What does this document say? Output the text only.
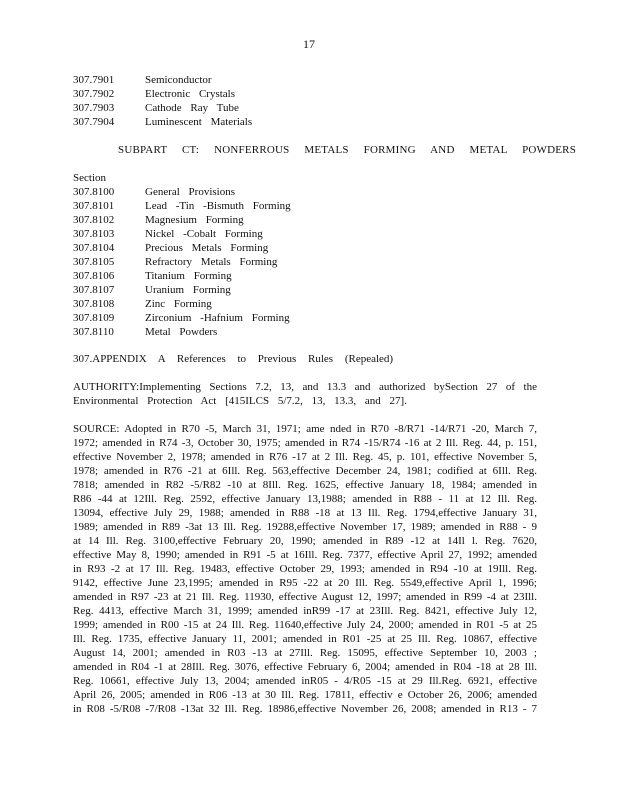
17
307.7901	Semiconductor
307.7902	Electronic Crystals
307.7903	Cathode Ray Tube
307.7904	Luminescent Materials
SUBPART CT: NONFERROUS METALS FORMING AND METAL POWDERS
Section
307.8100	General Provisions
307.8101	Lead -Tin -Bismuth Forming
307.8102	Magnesium Forming
307.8103	Nickel -Cobalt Forming
307.8104	Precious Metals Forming
307.8105	Refractory Metals Forming
307.8106	Titanium Forming
307.8107	Uranium Forming
307.8108	Zinc Forming
307.8109	Zirconium -Hafnium Forming
307.8110	Metal Powders
307.APPENDIX A References to Previous Rules (Repealed)
AUTHORITY:Implementing Sections 7.2, 13, and 13.3 and authorized bySection 27 of the
Environmental Protection Act [415ILCS 5/7.2, 13, 13.3, and 27].
SOURCE: Adopted in R70 -5, March 31, 1971; ame nded in R70 -8/R71 -14/R71 -20, March 7,
1972; amended in R74 -3, October 30, 1975; amended in R74 -15/R74 -16 at 2 Ill. Reg. 44, p. 151,
effective November 2, 1978; amended in R76 -17 at 2 Ill. Reg. 45, p. 101, effective November 5,
1978; amended in R76 -21 at 6Ill. Reg. 563,effective December 24, 1981; codified at 6Ill. Reg.
7818; amended in R82 -5/R82 -10 at 8Ill. Reg. 1625, effective January 18, 1984; amended in
R86 -44 at 12Ill. Reg. 2592, effective January 13,1988; amended in R88 - 11 at 12 Ill. Reg.
13094, effective July 29, 1988; amended in R88 -18 at 13 Ill. Reg. 1794,effective January 31,
1989; amended in R89 -3at 13 Ill. Reg. 19288,effective November 17, 1989; amended in R88 - 9
at 14 Ill. Reg. 3100,effective February 20, 1990; amended in R89 -12 at 14Il l. Reg. 7620,
effective May 8, 1990; amended in R91 -5 at 16Ill. Reg. 7377, effective April 27, 1992; amended
in R93 -2 at 17 Ill. Reg. 19483, effective October 29, 1993; amended in R94 -10 at 19Ill. Reg.
9142, effective June 23,1995; amended in R95 -22 at 20 Ill. Reg. 5549,effective April 1, 1996;
amended in R97 -23 at 21 Ill. Reg. 11930, effective August 12, 1997; amended in R99 -4 at 23Ill.
Reg. 4413, effective March 31, 1999; amended inR99 -17 at 23Ill. Reg. 8421, effective July 12,
1999; amended in R00 -15 at 24 Ill. Reg. 11640,effective July 24, 2000; amended in R01 -5 at 25
Ill. Reg. 1735, effective January 11, 2001; amended in R01 -25 at 25 Ill. Reg. 10867, effective
August 14, 2001; amended in R03 -13 at 27Ill. Reg. 15095, effective September 10, 2003 ;
amended in R04 -1 at 28Ill. Reg. 3076, effective February 6, 2004; amended in R04 -18 at 28 Ill.
Reg. 10661, effective July 13, 2004; amended inR05 - 4/R05 -15 at 29 Ill.Reg. 6921, effective
April 26, 2005; amended in R06 -13 at 30 Ill. Reg. 17811, effectiv e October 26, 2006; amended
in R08 -5/R08 -7/R08 -13at 32 Ill. Reg. 18986,effective November 26, 2008; amended in R13 - 7
